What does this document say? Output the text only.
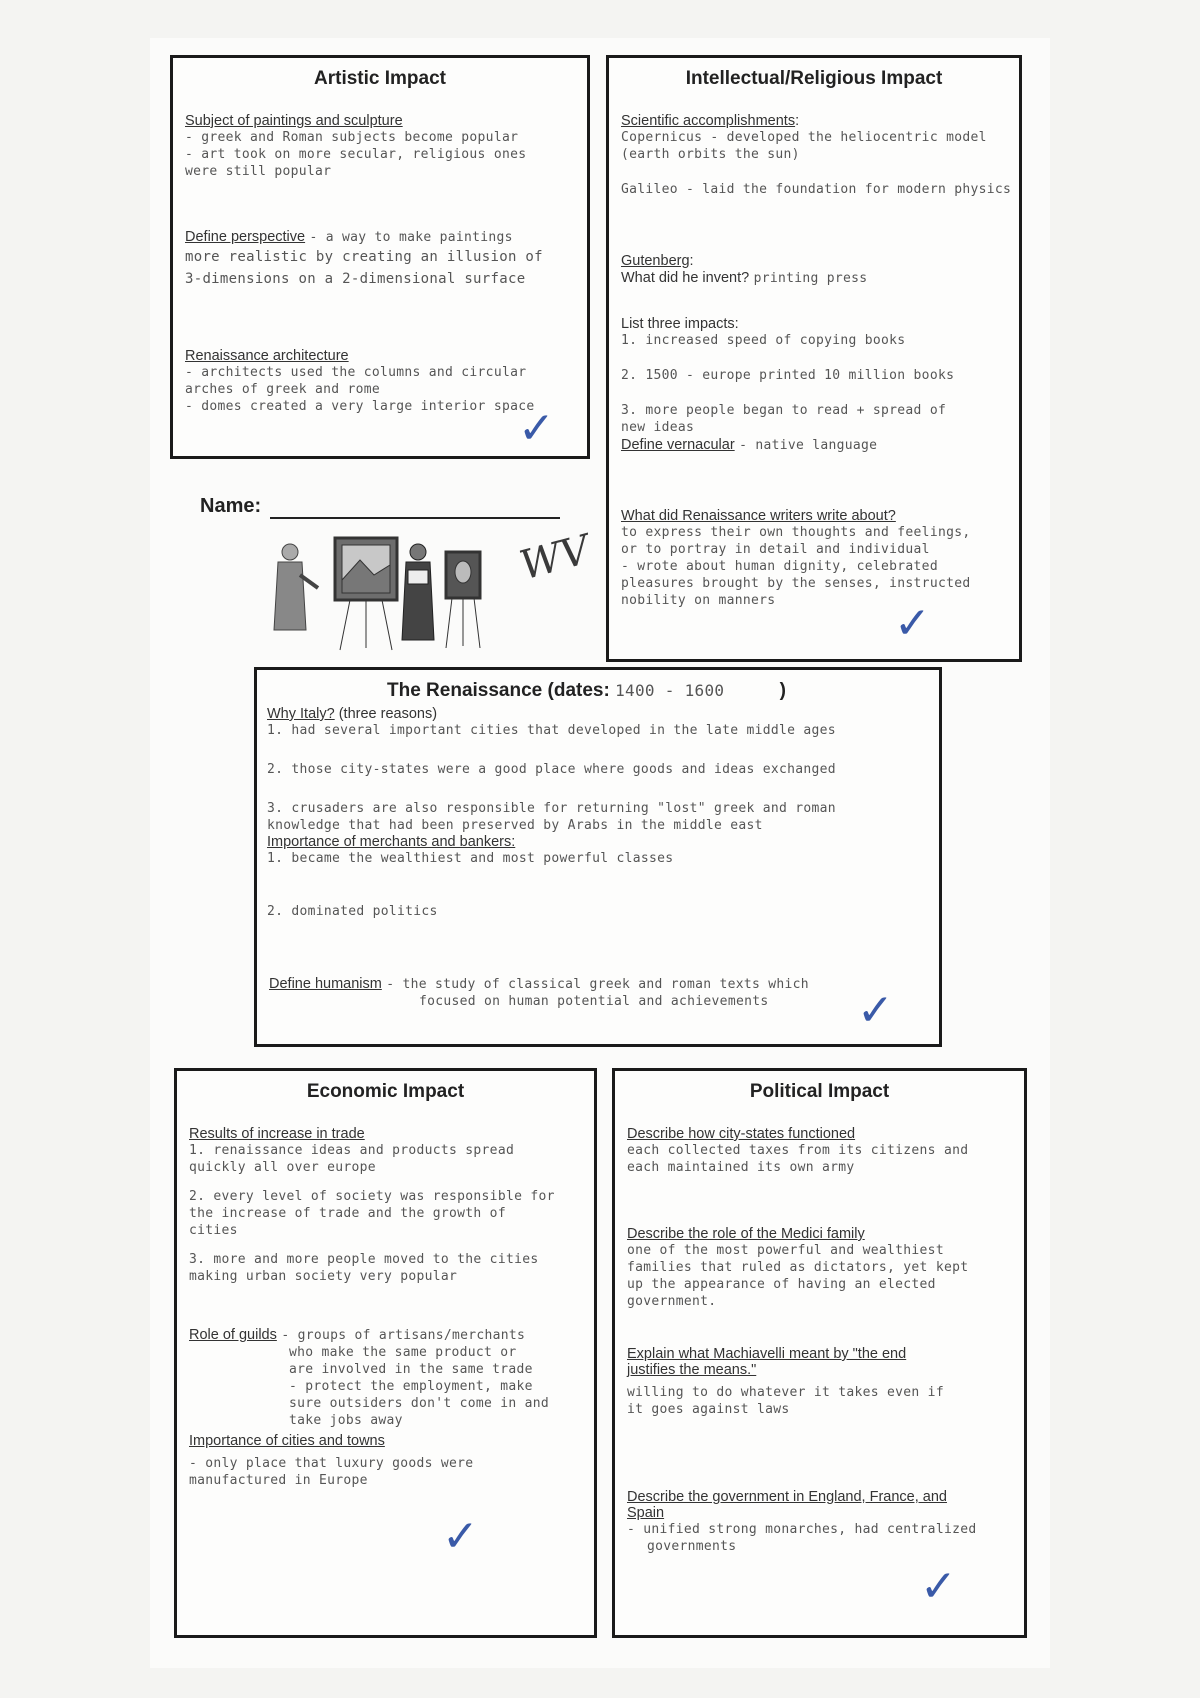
Artistic Impact
Subject of paintings and sculpture
- greek and Roman subjects become popular
- art took on more secular, religious ones
were still popular
Define perspective - a way to make paintings
more realistic by creating an illusion of
3-dimensions on a 2-dimensional surface
Renaissance architecture
- architects used the columns and circular
arches of greek and rome
- domes created a very large interior space
✓
Intellectual/Religious Impact
Scientific accomplishments:
Copernicus - developed the heliocentric model
(earth orbits the sun)
Galileo - laid the foundation for modern physics
Gutenberg:
What did he invent? printing press
List three impacts:
1. increased speed of copying books
2. 1500 - europe printed 10 million books
3. more people began to read + spread of
new ideas
Define vernacular - native language
What did Renaissance writers write about?
to express their own thoughts and feelings,
or to portray in detail and individual
- wrote about human dignity, celebrated
pleasures brought by the senses, instructed
nobility on manners	✓
Name:
WV
The Renaissance (dates: 1400 - 1600	)
Why Italy? (three reasons)
1. had several important cities that developed in the late middle ages
2. those city-states were a good place where goods and ideas exchanged
3. crusaders are also responsible for returning "lost" greek and roman
knowledge that had been preserved by Arabs in the middle east
Importance of merchants and bankers:
1. became the wealthiest and most powerful classes
2. dominated politics
Define humanism - the study of classical greek and roman texts which
focused on human potential and achievements	✓
Economic Impact
Results of increase in trade
1. renaissance ideas and products spread
quickly all over europe
2. every level of society was responsible for
the increase of trade and the growth of
cities
3. more and more people moved to the cities
making urban society very popular
Role of guilds - groups of artisans/merchants
who make the same product or
are involved in the same trade
- protect the employment, make
sure outsiders don't come in and
take jobs away
Importance of cities and towns
- only place that luxury goods were
manufactured in Europe
✓
Political Impact
Describe how city-states functioned
each collected taxes from its citizens and
each maintained its own army
Describe the role of the Medici family
one of the most powerful and wealthiest
families that ruled as dictators, yet kept
up the appearance of having an elected
government.
Explain what Machiavelli meant by "the end
justifies the means."
willing to do whatever it takes even if
it goes against laws
Describe the government in England, France, and
Spain
- unified strong monarches, had centralized
governments
✓
